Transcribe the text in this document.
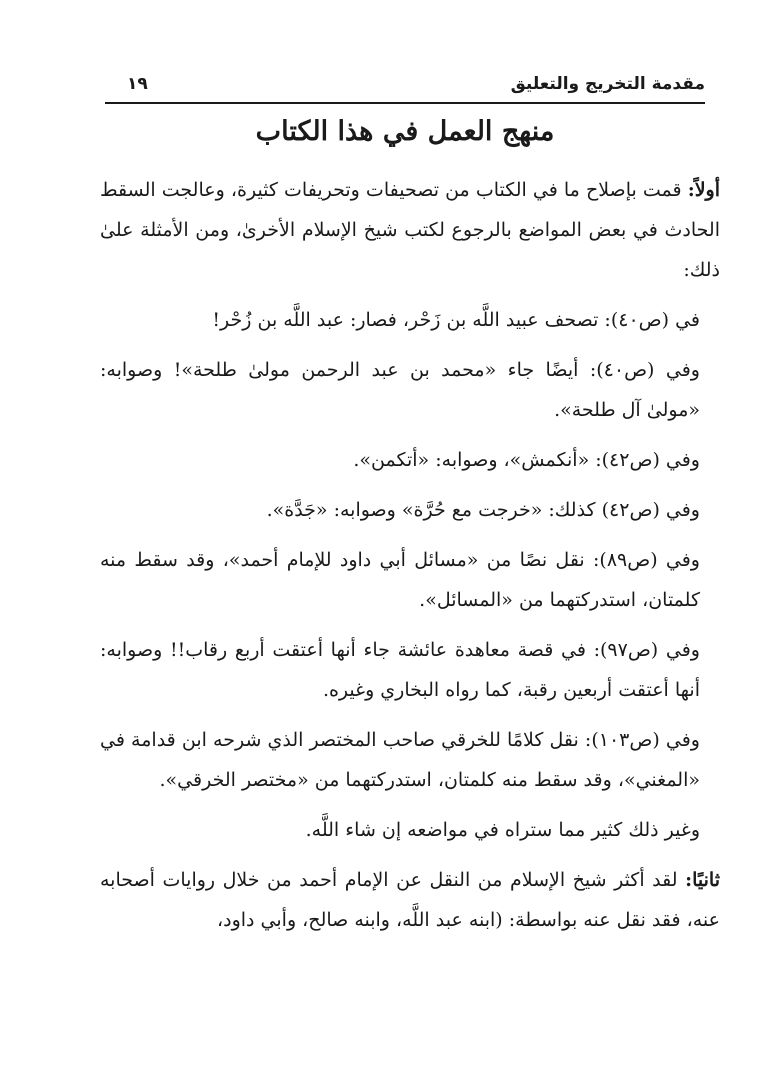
مقدمة التخريج والتعليق
١٩
منهج العمل في هذا الكتاب

أولاً: قمت بإصلاح ما في الكتاب من تصحيفات وتحريفات كثيرة، وعالجت السقط الحادث في بعض المواضع بالرجوع لكتب شيخ الإسلام الأخرىٰ، ومن الأمثلة علىٰ ذلك:

في (ص٤٠): تصحف عبيد اللَّه بن زَحْر، فصار: عبد اللَّه بن زُحْر!

وفي (ص٤٠): أيضًا جاء «محمد بن عبد الرحمن مولىٰ طلحة»! وصوابه: «مولىٰ آل طلحة».

وفي (ص٤٢): «أنكمش»، وصوابه: «أتكمن».

وفي (ص٤٢) كذلك: «خرجت مع حُرَّة» وصوابه: «جَدَّة».

وفي (ص٨٩): نقل نصًا من «مسائل أبي داود للإمام أحمد»، وقد سقط منه كلمتان، استدركتهما من «المسائل».

وفي (ص٩٧): في قصة معاهدة عائشة جاء أنها أعتقت أربع رقاب!! وصوابه: أنها أعتقت أربعين رقبة، كما رواه البخاري وغيره.

وفي (ص١٠٣): نقل كلامًا للخرقي صاحب المختصر الذي شرحه ابن قدامة في «المغني»، وقد سقط منه كلمتان، استدركتهما من «مختصر الخرقي».

وغير ذلك كثير مما ستراه في مواضعه إن شاء اللَّه.

ثانيًا: لقد أكثر شيخ الإسلام من النقل عن الإمام أحمد من خلال روايات أصحابه عنه، فقد نقل عنه بواسطة: (ابنه عبد اللَّه، وابنه صالح، وأبي داود،
